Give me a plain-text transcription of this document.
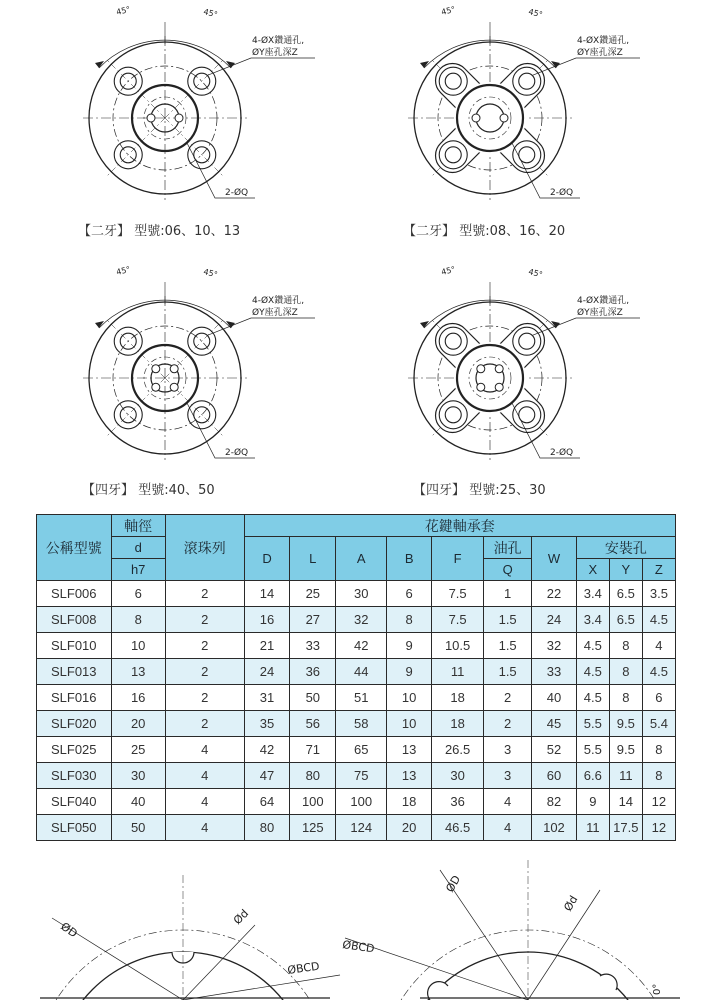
45°	45°
4-ØX鑽通孔,
ØY座孔深Z
2-ØQ
45°	45°
4-ØX鑽通孔,
ØY座孔深Z
2-ØQ
45°	45°
4-ØX鑽通孔,
ØY座孔深Z
2-ØQ
45°	45°
4-ØX鑽通孔,
ØY座孔深Z
2-ØQ
ØD
Ød
ØBCD
ØD
Ød
ØBCD
0°
【二牙】 型號:06、10、13	【二牙】 型號:08、16、20
【四牙】 型號:40、50	【四牙】 型號:25、30
公稱型號	軸徑	滾珠列	花鍵軸承套									
	d		D	L	A	B	F	油孔	W	安裝孔		
	h7							Q		X	Y	Z
SLF006	6	2	14	25	30	6	7.5	1	22	3.4	6.5	3.5
SLF008	8	2	16	27	32	8	7.5	1.5	24	3.4	6.5	4.5
SLF010	10	2	21	33	42	9	10.5	1.5	32	4.5	8	4
SLF013	13	2	24	36	44	9	11	1.5	33	4.5	8	4.5
SLF016	16	2	31	50	51	10	18	2	40	4.5	8	6
SLF020	20	2	35	56	58	10	18	2	45	5.5	9.5	5.4
SLF025	25	4	42	71	65	13	26.5	3	52	5.5	9.5	8
SLF030	30	4	47	80	75	13	30	3	60	6.6	11	8
SLF040	40	4	64	100	100	18	36	4	82	9	14	12
SLF050	50	4	80	125	124	20	46.5	4	102	11	17.5	12
